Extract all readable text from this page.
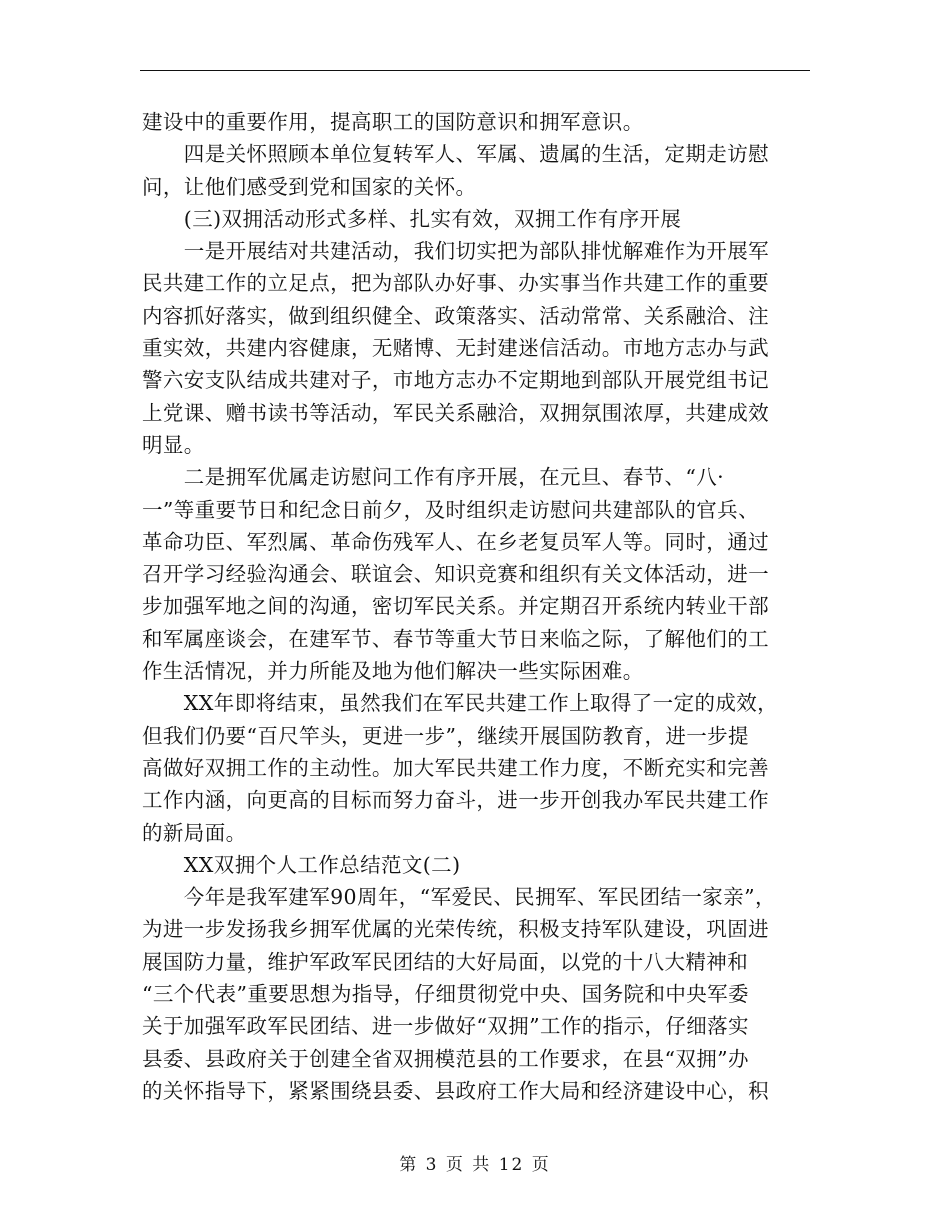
建设中的重要作用，提高职工的国防意识和拥军意识。
　　四是关怀照顾本单位复转军人、军属、遗属的生活，定期走访慰
问，让他们感受到党和国家的关怀。
　　(三)双拥活动形式多样、扎实有效，双拥工作有序开展
　　一是开展结对共建活动，我们切实把为部队排忧解难作为开展军
民共建工作的立足点，把为部队办好事、办实事当作共建工作的重要
内容抓好落实，做到组织健全、政策落实、活动常常、关系融洽、注
重实效，共建内容健康，无赌博、无封建迷信活动。市地方志办与武
警六安支队结成共建对子，市地方志办不定期地到部队开展党组书记
上党课、赠书读书等活动，军民关系融洽，双拥氛围浓厚，共建成效
明显。
　　二是拥军优属走访慰问工作有序开展，在元旦、春节、“八·
一”等重要节日和纪念日前夕，及时组织走访慰问共建部队的官兵、
革命功臣、军烈属、革命伤残军人、在乡老复员军人等。同时，通过
召开学习经验沟通会、联谊会、知识竞赛和组织有关文体活动，进一
步加强军地之间的沟通，密切军民关系。并定期召开系统内转业干部
和军属座谈会，在建军节、春节等重大节日来临之际，了解他们的工
作生活情况，并力所能及地为他们解决一些实际困难。
　　XX年即将结束，虽然我们在军民共建工作上取得了一定的成效，
但我们仍要“百尺竿头，更进一步”，继续开展国防教育，进一步提
高做好双拥工作的主动性。加大军民共建工作力度，不断充实和完善
工作内涵，向更高的目标而努力奋斗，进一步开创我办军民共建工作
的新局面。
　　XX双拥个人工作总结范文(二)
　　今年是我军建军90周年，“军爱民、民拥军、军民团结一家亲”，
为进一步发扬我乡拥军优属的光荣传统，积极支持军队建设，巩固进
展国防力量，维护军政军民团结的大好局面，以党的十八大精神和
“三个代表”重要思想为指导，仔细贯彻党中央、国务院和中央军委
关于加强军政军民团结、进一步做好“双拥”工作的指示，仔细落实
县委、县政府关于创建全省双拥模范县的工作要求，在县“双拥”办
的关怀指导下，紧紧围绕县委、县政府工作大局和经济建设中心，积
第 3 页 共 12 页
